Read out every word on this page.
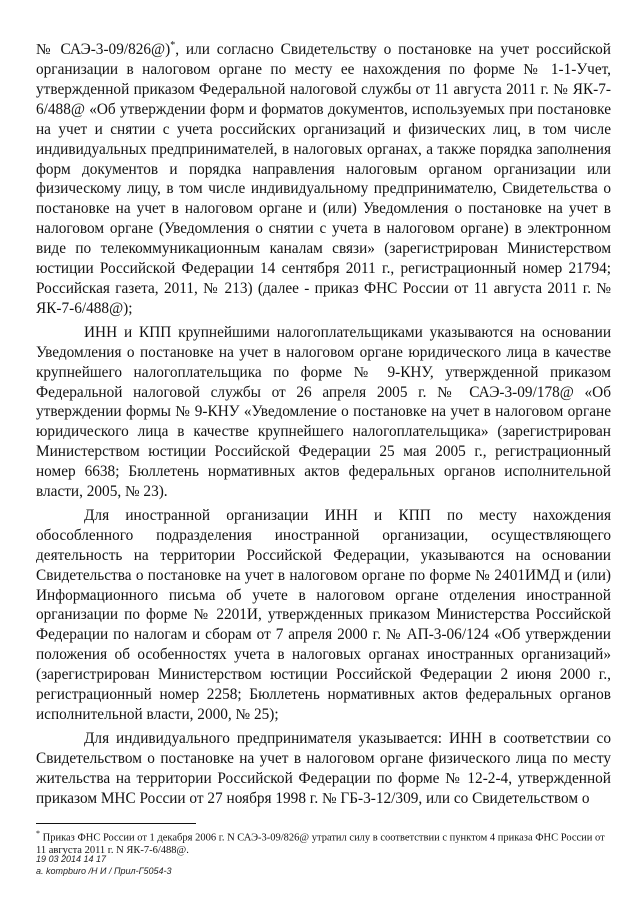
№ САЭ-3-09/826@)*, или согласно Свидетельству о постановке на учет российской организации в налоговом органе по месту ее нахождения по форме № 1-1-Учет, утвержденной приказом Федеральной налоговой службы от 11 августа 2011 г. № ЯК-7-6/488@ «Об утверждении форм и форматов документов, используемых при постановке на учет и снятии с учета российских организаций и физических лиц, в том числе индивидуальных предпринимателей, в налоговых органах, а также порядка заполнения форм документов и порядка направления налоговым органом организации или физическому лицу, в том числе индивидуальному предпринимателю, Свидетельства о постановке на учет в налоговом органе и (или) Уведомления о постановке на учет в налоговом органе (Уведомления о снятии с учета в налоговом органе) в электронном виде по телекоммуникационным каналам связи» (зарегистрирован Министерством юстиции Российской Федерации 14 сентября 2011 г., регистрационный номер 21794; Российская газета, 2011, № 213) (далее - приказ ФНС России от 11 августа 2011 г. № ЯК-7-6/488@);

ИНН и КПП крупнейшими налогоплательщиками указываются на основании Уведомления о постановке на учет в налоговом органе юридического лица в качестве крупнейшего налогоплательщика по форме № 9-КНУ, утвержденной приказом Федеральной налоговой службы от 26 апреля 2005 г. № САЭ-3-09/178@ «Об утверждении формы № 9-КНУ «Уведомление о постановке на учет в налоговом органе юридического лица в качестве крупнейшего налогоплательщика» (зарегистрирован Министерством юстиции Российской Федерации 25 мая 2005 г., регистрационный номер 6638; Бюллетень нормативных актов федеральных органов исполнительной власти, 2005, № 23).

Для иностранной организации ИНН и КПП по месту нахождения обособленного подразделения иностранной организации, осуществляющего деятельность на территории Российской Федерации, указываются на основании Свидетельства о постановке на учет в налоговом органе по форме № 2401ИМД и (или) Информационного письма об учете в налоговом органе отделения иностранной организации по форме № 2201И, утвержденных приказом Министерства Российской Федерации по налогам и сборам от 7 апреля 2000 г. № АП-3-06/124 «Об утверждении положения об особенностях учета в налоговых органах иностранных организаций» (зарегистрирован Министерством юстиции Российской Федерации 2 июня 2000 г., регистрационный номер 2258; Бюллетень нормативных актов федеральных органов исполнительной власти, 2000, № 25);

Для индивидуального предпринимателя указывается: ИНН в соответствии со Свидетельством о постановке на учет в налоговом органе физического лица по месту жительства на территории Российской Федерации по форме № 12-2-4, утвержденной приказом МНС России от 27 ноября 1998 г. № ГБ-3-12/309, или со Свидетельством о

* Приказ ФНС России от 1 декабря 2006 г. N САЭ-3-09/826@ утратил силу в соответствии с пунктом 4 приказа ФНС России от 11 августа 2011 г. N ЯК-7-6/488@.
19 03 2014 14 17
a. kompburo /Н И / Прил-Г5054-3
